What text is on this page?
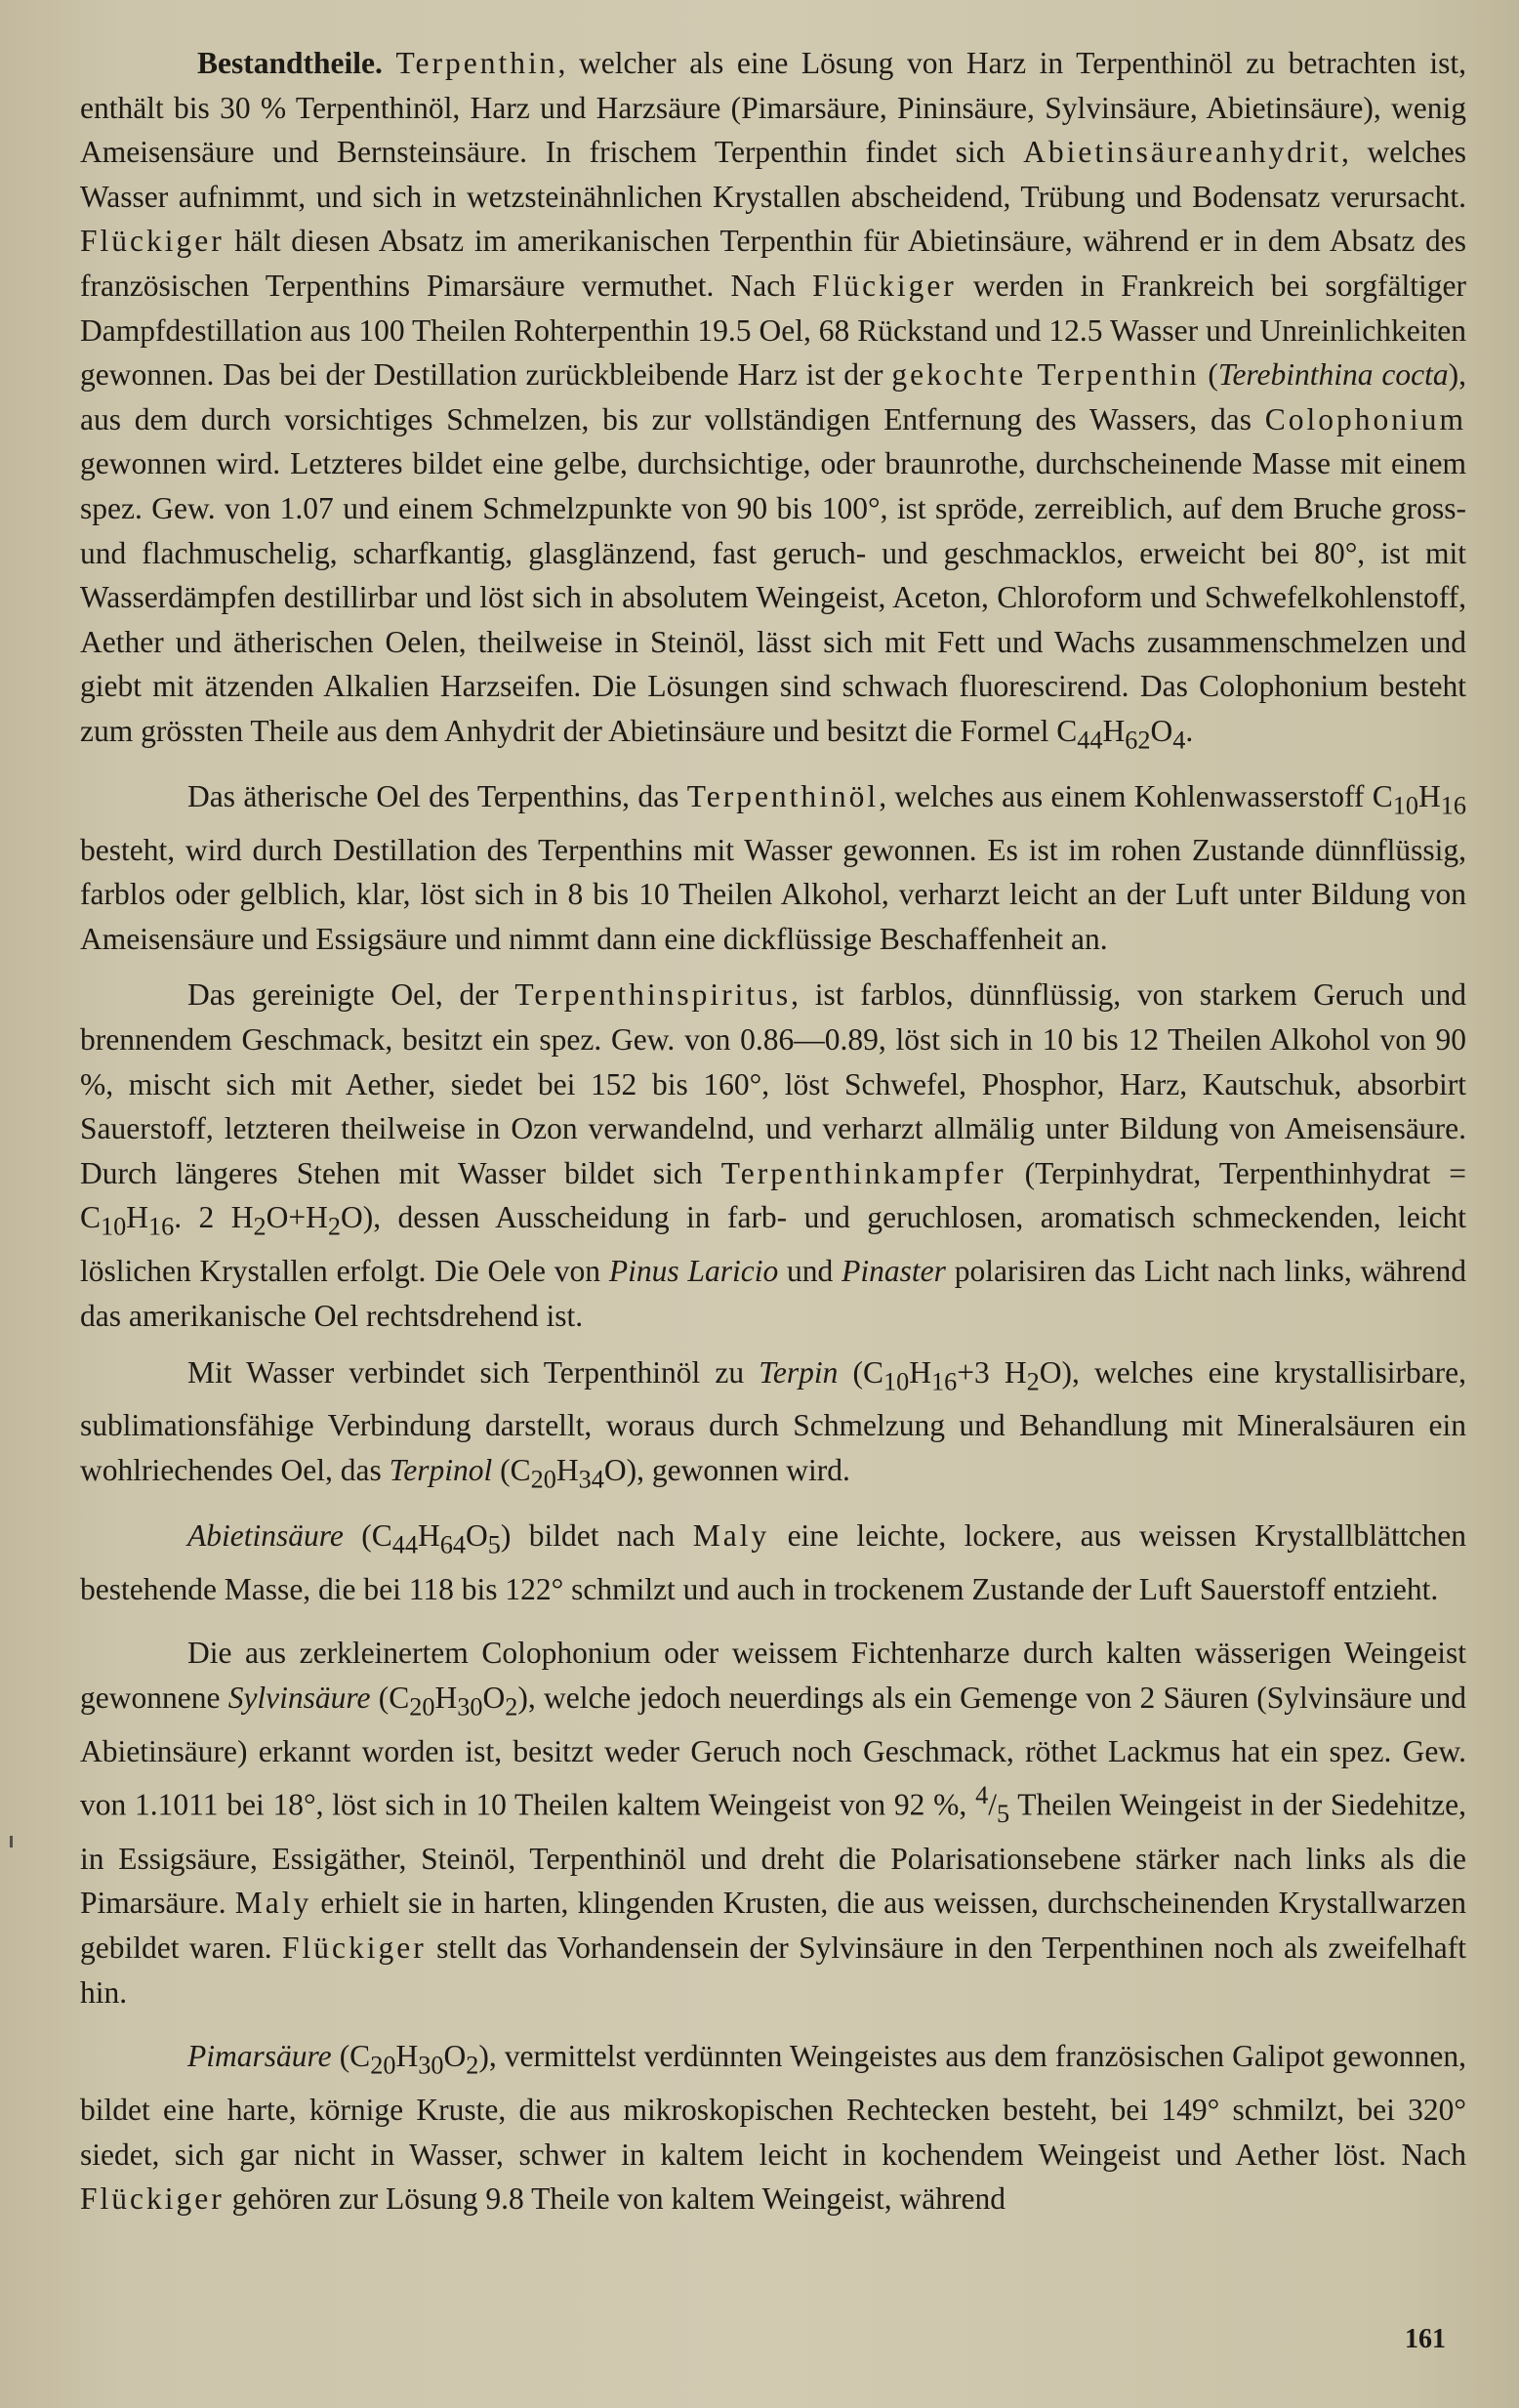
Bestandtheile. Terpenthin, welcher als eine Lösung von Harz in Terpenthinöl zu betrachten ist, enthält bis 30 % Terpenthinöl, Harz und Harzsäure (Pimarsäure, Pininsäure, Sylvinsäure, Abietinsäure), wenig Ameisensäure und Bernsteinsäure. In frischem Terpenthin findet sich Abietinsäureanhydrit, welches Wasser aufnimmt, und sich in wetzsteinähnlichen Krystallen abscheidend, Trübung und Bodensatz verursacht. Flückiger hält diesen Absatz im amerikanischen Terpenthin für Abietinsäure, während er in dem Absatz des französischen Terpenthins Pimarsäure vermuthet. Nach Flückiger werden in Frankreich bei sorgfältiger Dampfdestillation aus 100 Theilen Rohterpenthin 19.5 Oel, 68 Rückstand und 12.5 Wasser und Unreinlichkeiten gewonnen. Das bei der Destillation zurückbleibende Harz ist der gekochte Terpenthin (Terebinthina cocta), aus dem durch vorsichtiges Schmelzen, bis zur vollständigen Entfernung des Wassers, das Colophonium gewonnen wird. Letzteres bildet eine gelbe, durchsichtige, oder braunrothe, durchscheinende Masse mit einem spez. Gew. von 1.07 und einem Schmelzpunkte von 90 bis 100°, ist spröde, zerreiblich, auf dem Bruche gross- und flachmuschelig, scharfkantig, glasglänzend, fast geruch- und geschmacklos, erweicht bei 80°, ist mit Wasserdämpfen destillirbar und löst sich in absolutem Weingeist, Aceton, Chloroform und Schwefelkohlenstoff, Aether und ätherischen Oelen, theilweise in Steinöl, lässt sich mit Fett und Wachs zusammenschmelzen und giebt mit ätzenden Alkalien Harzseifen. Die Lösungen sind schwach fluorescirend. Das Colophonium besteht zum grössten Theile aus dem Anhydrit der Abietinsäure und besitzt die Formel $C_{44}H_{62}O_4$.

Das ätherische Oel des Terpenthins, das Terpenthinöl, welches aus einem Kohlenwasserstoff $C_{10}H_{16}$ besteht, wird durch Destillation des Terpenthins mit Wasser gewonnen. Es ist im rohen Zustande dünnflüssig, farblos oder gelblich, klar, löst sich in 8 bis 10 Theilen Alkohol, verharzt leicht an der Luft unter Bildung von Ameisensäure und Essigsäure und nimmt dann eine dickflüssige Beschaffenheit an.

Das gereinigte Oel, der Terpenthinspiritus, ist farblos, dünnflüssig, von starkem Geruch und brennendem Geschmack, besitzt ein spez. Gew. von 0.86—0.89, löst sich in 10 bis 12 Theilen Alkohol von 90 %, mischt sich mit Aether, siedet bei 152 bis 160°, löst Schwefel, Phosphor, Harz, Kautschuk, absorbirt Sauerstoff, letzteren theilweise in Ozon verwandelnd, und verharzt allmälig unter Bildung von Ameisensäure. Durch längeres Stehen mit Wasser bildet sich Terpenthinkampfer (Terpinhydrat, Terpenthinhydrat = $C_{10}H_{16}$. 2 $H_2O+H_2O$), dessen Ausscheidung in farb- und geruchlosen, aromatisch schmeckenden, leicht löslichen Krystallen erfolgt. Die Oele von Pinus Laricio und Pinaster polarisiren das Licht nach links, während das amerikanische Oel rechtsdrehend ist.

Mit Wasser verbindet sich Terpenthinöl zu Terpin ($C_{10}H_{16}+3$ $H_2O$), welches eine krystallisirbare, sublimationsfähige Verbindung darstellt, woraus durch Schmelzung und Behandlung mit Mineralsäuren ein wohlriechendes Oel, das Terpinol $(C_{20}H_{34}O)$, gewonnen wird.

Abietinsäure $(C_{44}H_{64}O_5)$ bildet nach Maly eine leichte, lockere, aus weissen Krystallblättchen bestehende Masse, die bei 118 bis 122° schmilzt und auch in trockenem Zustande der Luft Sauerstoff entzieht.

Die aus zerkleinertem Colophonium oder weissem Fichtenharze durch kalten wässerigen Weingeist gewonnene Sylvinsäure $(C_{20}H_{30}O_2)$, welche jedoch neuerdings als ein Gemenge von 2 Säuren (Sylvinsäure und Abietinsäure) erkannt worden ist, besitzt weder Geruch noch Geschmack, röthet Lackmus hat ein spez. Gew. von 1.1011 bei 18°, löst sich in 10 Theilen kaltem Weingeist von 92 %, $^4/_5$ Theilen Weingeist in der Siedehitze, in Essigsäure, Essigäther, Steinöl, Terpenthinöl und dreht die Polarisationsebene stärker nach links als die Pimarsäure. Maly erhielt sie in harten, klingenden Krusten, die aus weissen, durchscheinenden Krystallwarzen gebildet waren. Flückiger stellt das Vorhandensein der Sylvinsäure in den Terpenthinen noch als zweifelhaft hin.

Pimarsäure $(C_{20}H_{30}O_2)$, vermittelst verdünnten Weingeistes aus dem französischen Galipot gewonnen, bildet eine harte, körnige Kruste, die aus mikroskopischen Rechtecken besteht, bei 149° schmilzt, bei 320° siedet, sich gar nicht in Wasser, schwer in kaltem leicht in kochendem Weingeist und Aether löst. Nach Flückiger gehören zur Lösung 9.8 Theile von kaltem Weingeist, während

161
